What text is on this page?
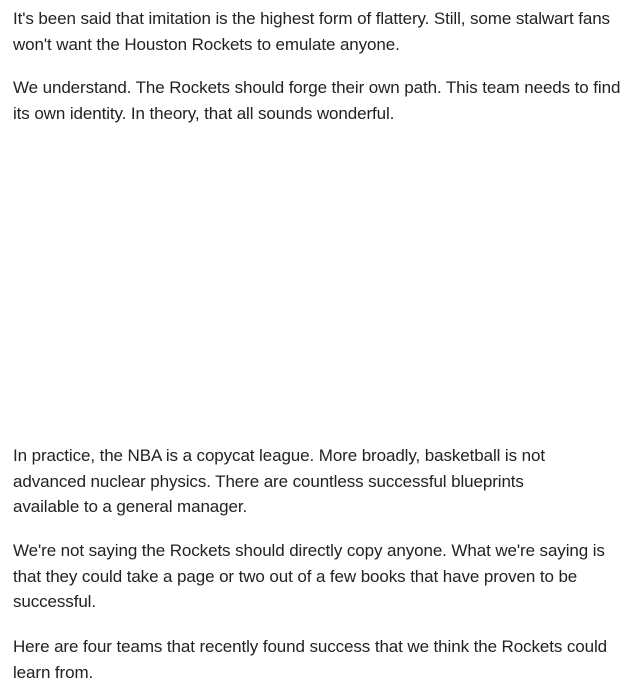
It's been said that imitation is the highest form of flattery. Still, some stalwart fans won't want the Houston Rockets to emulate anyone.

We understand. The Rockets should forge their own path. This team needs to find its own identity. In theory, that all sounds wonderful.

In practice, the NBA is a copycat league. More broadly, basketball is not advanced nuclear physics. There are countless successful blueprints available to a general manager.

We're not saying the Rockets should directly copy anyone. What we're saying is that they could take a page or two out of a few books that have proven to be successful.

Here are four teams that recently found success that we think the Rockets could learn from.
